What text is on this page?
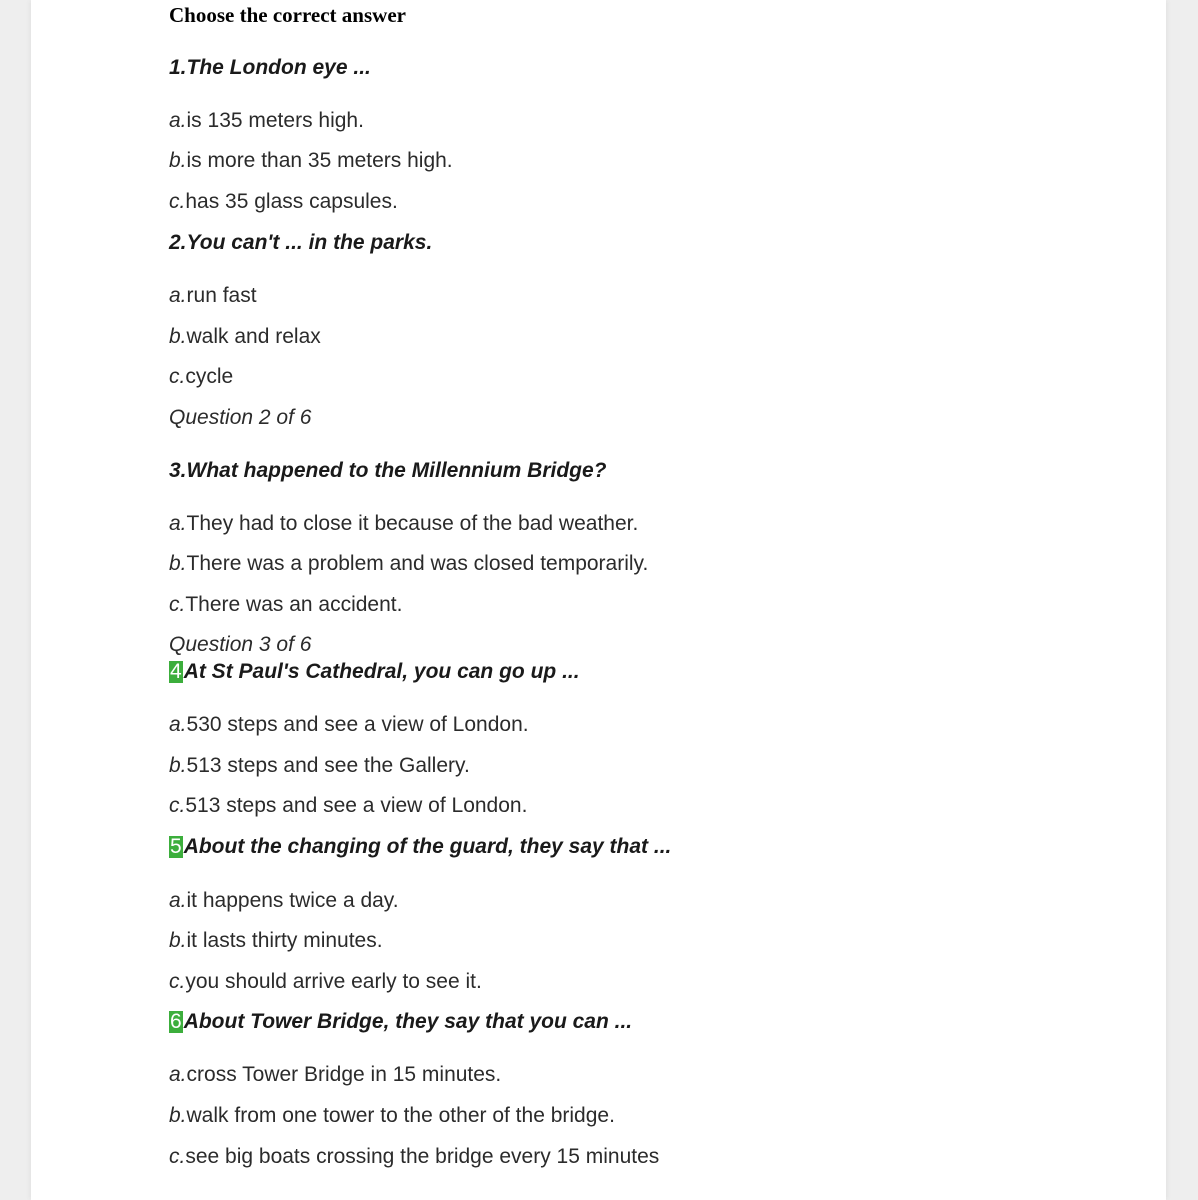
Choose the correct answer
1.The London eye ...
a.is 135 meters high.
b.is more than 35 meters high.
c.has 35 glass capsules.
2.You can't ... in the parks.
a.run fast
b.walk and relax
c.cycle
Question 2 of 6
3.What happened to the Millennium Bridge?
a.They had to close it because of the bad weather.
b.There was a problem and was closed temporarily.
c.There was an accident.
Question 3 of 6
4At St Paul's Cathedral, you can go up ...
a.530 steps and see a view of London.
b.513 steps and see the Gallery.
c.513 steps and see a view of London.
5About the changing of the guard, they say that ...
a.it happens twice a day.
b.it lasts thirty minutes.
c.you should arrive early to see it.
6About Tower Bridge, they say that you can ...
a.cross Tower Bridge in 15 minutes.
b.walk from one tower to the other of the bridge.
c.see big boats crossing the bridge every 15 minutes
